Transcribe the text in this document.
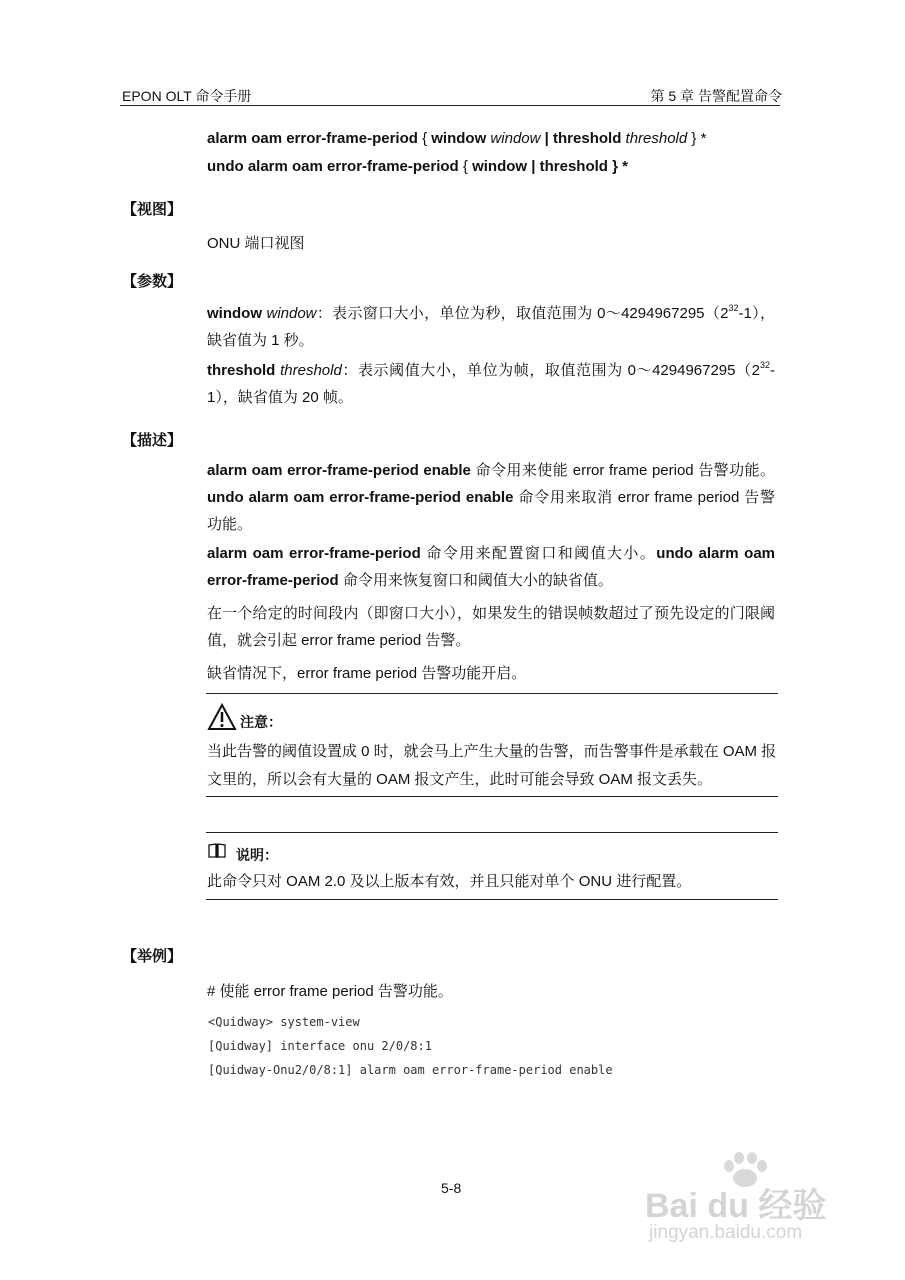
EPON OLT 命令手册	第 5 章 告警配置命令
alarm oam error-frame-period { window window | threshold threshold } *
undo alarm oam error-frame-period { window | threshold } *
【视图】
ONU 端口视图
【参数】
window window：表示窗口大小，单位为秒，取值范围为 $0\sim 4294967295(2^{32}-1)$，缺省值为 1 秒。
threshold threshold：表示阈值大小，单位为帧，取值范围为 $0\sim 4294967295(2^{32}-1)$，缺省值为 20 帧。
【描述】
alarm oam error-frame-period enable 命令用来使能 error frame period 告警功能。undo alarm oam error-frame-period enable 命令用来取消 error frame period 告警功能。
alarm oam error-frame-period 命令用来配置窗口和阈值大小。undo alarm oam error-frame-period 命令用来恢复窗口和阈值大小的缺省值。
在一个给定的时间段内（即窗口大小），如果发生的错误帧数超过了预先设定的门限阈值，就会引起 error frame period 告警。
缺省情况下，error frame period 告警功能开启。
注意：
当此告警的阈值设置成 0 时，就会马上产生大量的告警，而告警事件是承载在 OAM 报文里的，所以会有大量的 OAM 报文产生，此时可能会导致 OAM 报文丢失。
说明：
此命令只对 OAM 2.0 及以上版本有效，并且只能对单个 ONU 进行配置。
【举例】
# 使能 error frame period 告警功能。
<Quidway> system-view
[Quidway] interface onu 2/0/8:1
[Quidway-Onu2/0/8:1] alarm oam error-frame-period enable
5-8	Bai du 经验
jingyan.baidu.com
